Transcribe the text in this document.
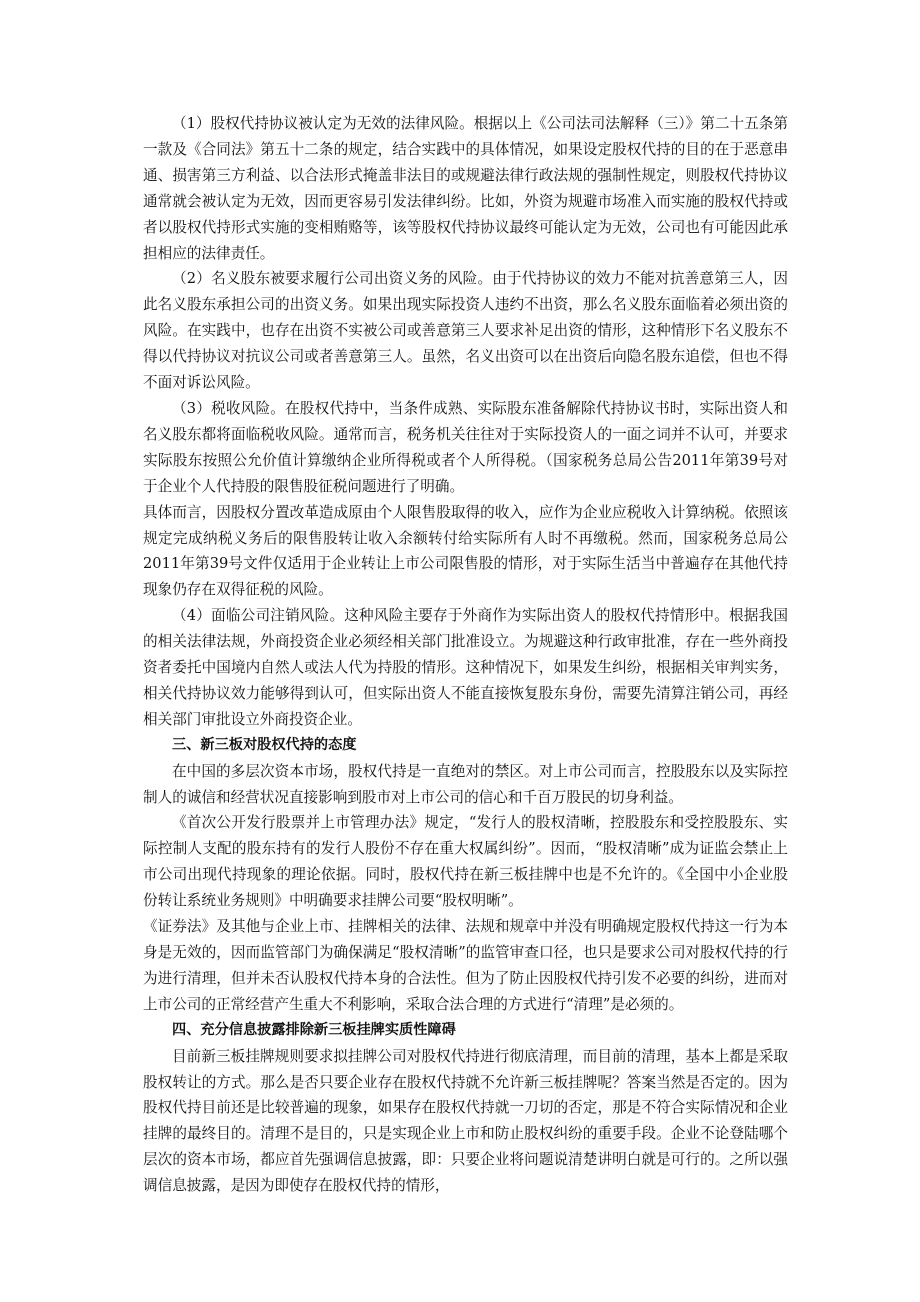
（1）股权代持协议被认定为无效的法律风险。根据以上《公司法司法解释（三）》第二十五条第一款及《合同法》第五十二条的规定，结合实践中的具体情况，如果设定股权代持的目的在于恶意串通、损害第三方利益、以合法形式掩盖非法目的或规避法律行政法规的强制性规定，则股权代持协议通常就会被认定为无效，因而更容易引发法律纠纷。比如，外资为规避市场准入而实施的股权代持或者以股权代持形式实施的变相贿赂等，该等股权代持协议最终可能认定为无效，公司也有可能因此承担相应的法律责任。

（2）名义股东被要求履行公司出资义务的风险。由于代持协议的效力不能对抗善意第三人，因此名义股东承担公司的出资义务。如果出现实际投资人违约不出资，那么名义股东面临着必须出资的风险。在实践中，也存在出资不实被公司或善意第三人要求补足出资的情形，这种情形下名义股东不得以代持协议对抗议公司或者善意第三人。虽然，名义出资可以在出资后向隐名股东追偿，但也不得不面对诉讼风险。

（3）税收风险。在股权代持中，当条件成熟、实际股东准备解除代持协议书时，实际出资人和名义股东都将面临税收风险。通常而言，税务机关往往对于实际投资人的一面之词并不认可，并要求实际股东按照公允价值计算缴纳企业所得税或者个人所得税。（国家税务总局公告2011年第39号对于企业个人代持股的限售股征税问题进行了明确。

具体而言，因股权分置改革造成原由个人限售股取得的收入，应作为企业应税收入计算纳税。依照该规定完成纳税义务后的限售股转让收入余额转付给实际所有人时不再缴税。然而，国家税务总局公2011年第39号文件仅适用于企业转让上市公司限售股的情形，对于实际生活当中普遍存在其他代持现象仍存在双得征税的风险。

（4）面临公司注销风险。这种风险主要存于外商作为实际出资人的股权代持情形中。根据我国的相关法律法规，外商投资企业必须经相关部门批准设立。为规避这种行政审批准，存在一些外商投资者委托中国境内自然人或法人代为持股的情形。这种情况下，如果发生纠纷，根据相关审判实务，相关代持协议效力能够得到认可，但实际出资人不能直接恢复股东身份，需要先清算注销公司，再经相关部门审批设立外商投资企业。

三、新三板对股权代持的态度

在中国的多层次资本市场，股权代持是一直绝对的禁区。对上市公司而言，控股股东以及实际控制人的诚信和经营状况直接影响到股市对上市公司的信心和千百万股民的切身利益。

《首次公开发行股票并上市管理办法》规定，“发行人的股权清晰，控股股东和受控股股东、实际控制人支配的股东持有的发行人股份不存在重大权属纠纷”。因而，“股权清晰”成为证监会禁止上市公司出现代持现象的理论依据。同时，股权代持在新三板挂牌中也是不允许的。《全国中小企业股份转让系统业务规则》中明确要求挂牌公司要“股权明晰”。

《证券法》及其他与企业上市、挂牌相关的法律、法规和规章中并没有明确规定股权代持这一行为本身是无效的，因而监管部门为确保满足“股权清晰”的监管审查口径，也只是要求公司对股权代持的行为进行清理，但并未否认股权代持本身的合法性。但为了防止因股权代持引发不必要的纠纷，进而对上市公司的正常经营产生重大不利影响，采取合法合理的方式进行“清理”是必须的。

四、充分信息披露排除新三板挂牌实质性障碍

目前新三板挂牌规则要求拟挂牌公司对股权代持进行彻底清理，而目前的清理，基本上都是采取股权转让的方式。那么是否只要企业存在股权代持就不允许新三板挂牌呢？答案当然是否定的。因为股权代持目前还是比较普遍的现象，如果存在股权代持就一刀切的否定，那是不符合实际情况和企业挂牌的最终目的。清理不是目的，只是实现企业上市和防止股权纠纷的重要手段。企业不论登陆哪个层次的资本市场，都应首先强调信息披露，即：只要企业将问题说清楚讲明白就是可行的。之所以强调信息披露，是因为即使存在股权代持的情形，
